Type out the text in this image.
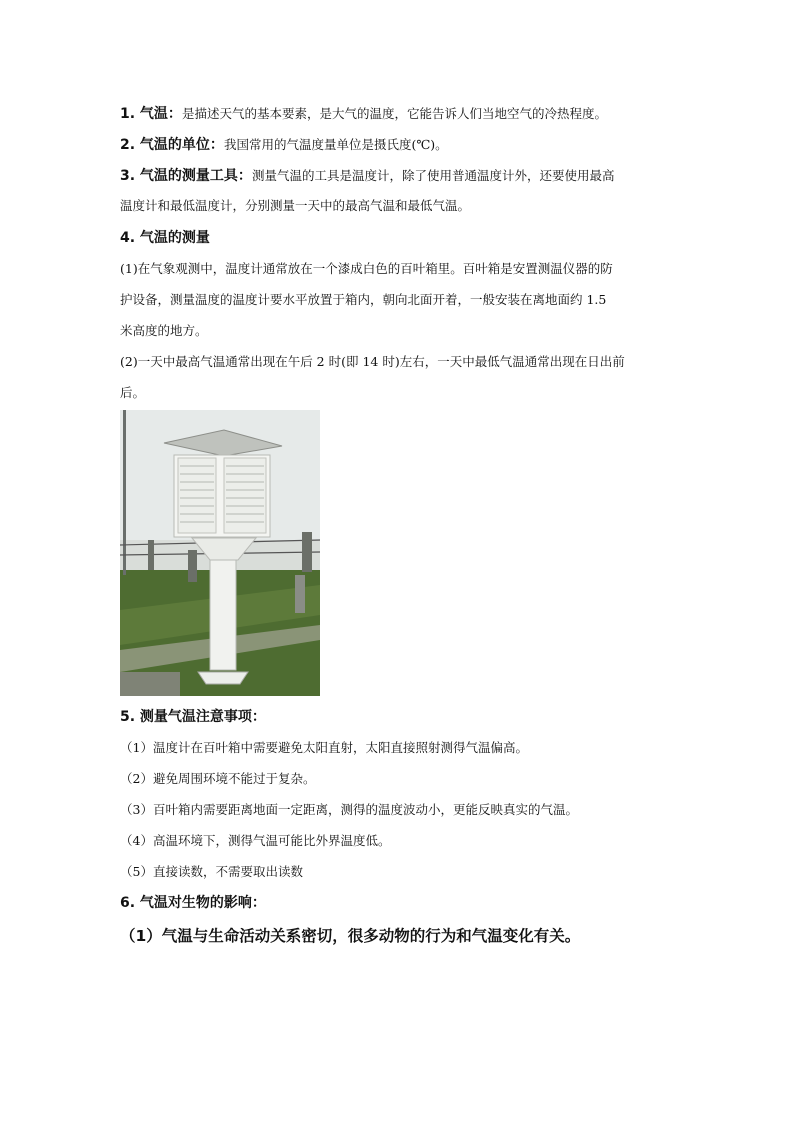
1. 气温：是描述天气的基本要素，是大气的温度，它能告诉人们当地空气的冷热程度。
2. 气温的单位：我国常用的气温度量单位是摄氏度(℃)。
3. 气温的测量工具：测量气温的工具是温度计，除了使用普通温度计外，还要使用最高
温度计和最低温度计，分别测量一天中的最高气温和最低气温。
4. 气温的测量
(1)在气象观测中，温度计通常放在一个漆成白色的百叶箱里。百叶箱是安置测温仪器的防
护设备，测量温度的温度计要水平放置于箱内，朝向北面开着，一般安装在离地面约 1.5
米高度的地方。
(2)一天中最高气温通常出现在午后 2 时(即 14 时)左右，一天中最低气温通常出现在日出前
后。
5. 测量气温注意事项：
（1）温度计在百叶箱中需要避免太阳直射，太阳直接照射测得气温偏高。
（2）避免周围环境不能过于复杂。
（3）百叶箱内需要距离地面一定距离，测得的温度波动小，更能反映真实的气温。
（4）高温环境下，测得气温可能比外界温度低。
（5）直接读数，不需要取出读数
6. 气温对生物的影响：
（1）气温与生命活动关系密切，很多动物的行为和气温变化有关。
